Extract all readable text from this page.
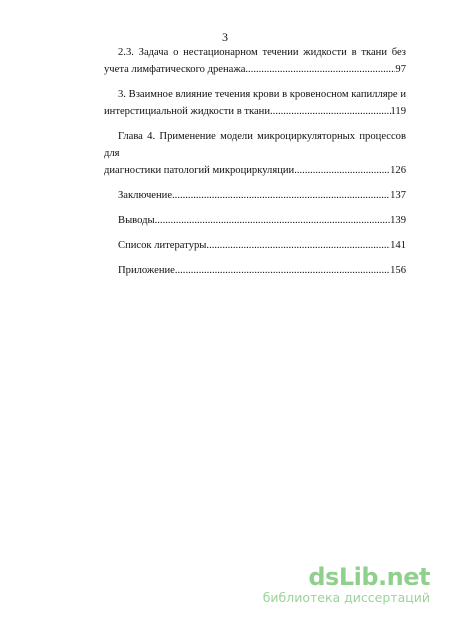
3
2.3. Задача о нестационарном течении жидкости в ткани без
учета лимфатического дренажа .....	97
3. Взаимное влияние течения крови в кровеносном капилляре и
интерстициальной жидкости в ткани .....	119
Глава 4. Применение модели микроциркуляторных процессов для
диагностики патологий микроциркуляции .....	126
Заключение .....	137
Выводы .....	139
Список литературы .....	141
Приложение .....	156
dsLib.net
библиотека диссертаций
